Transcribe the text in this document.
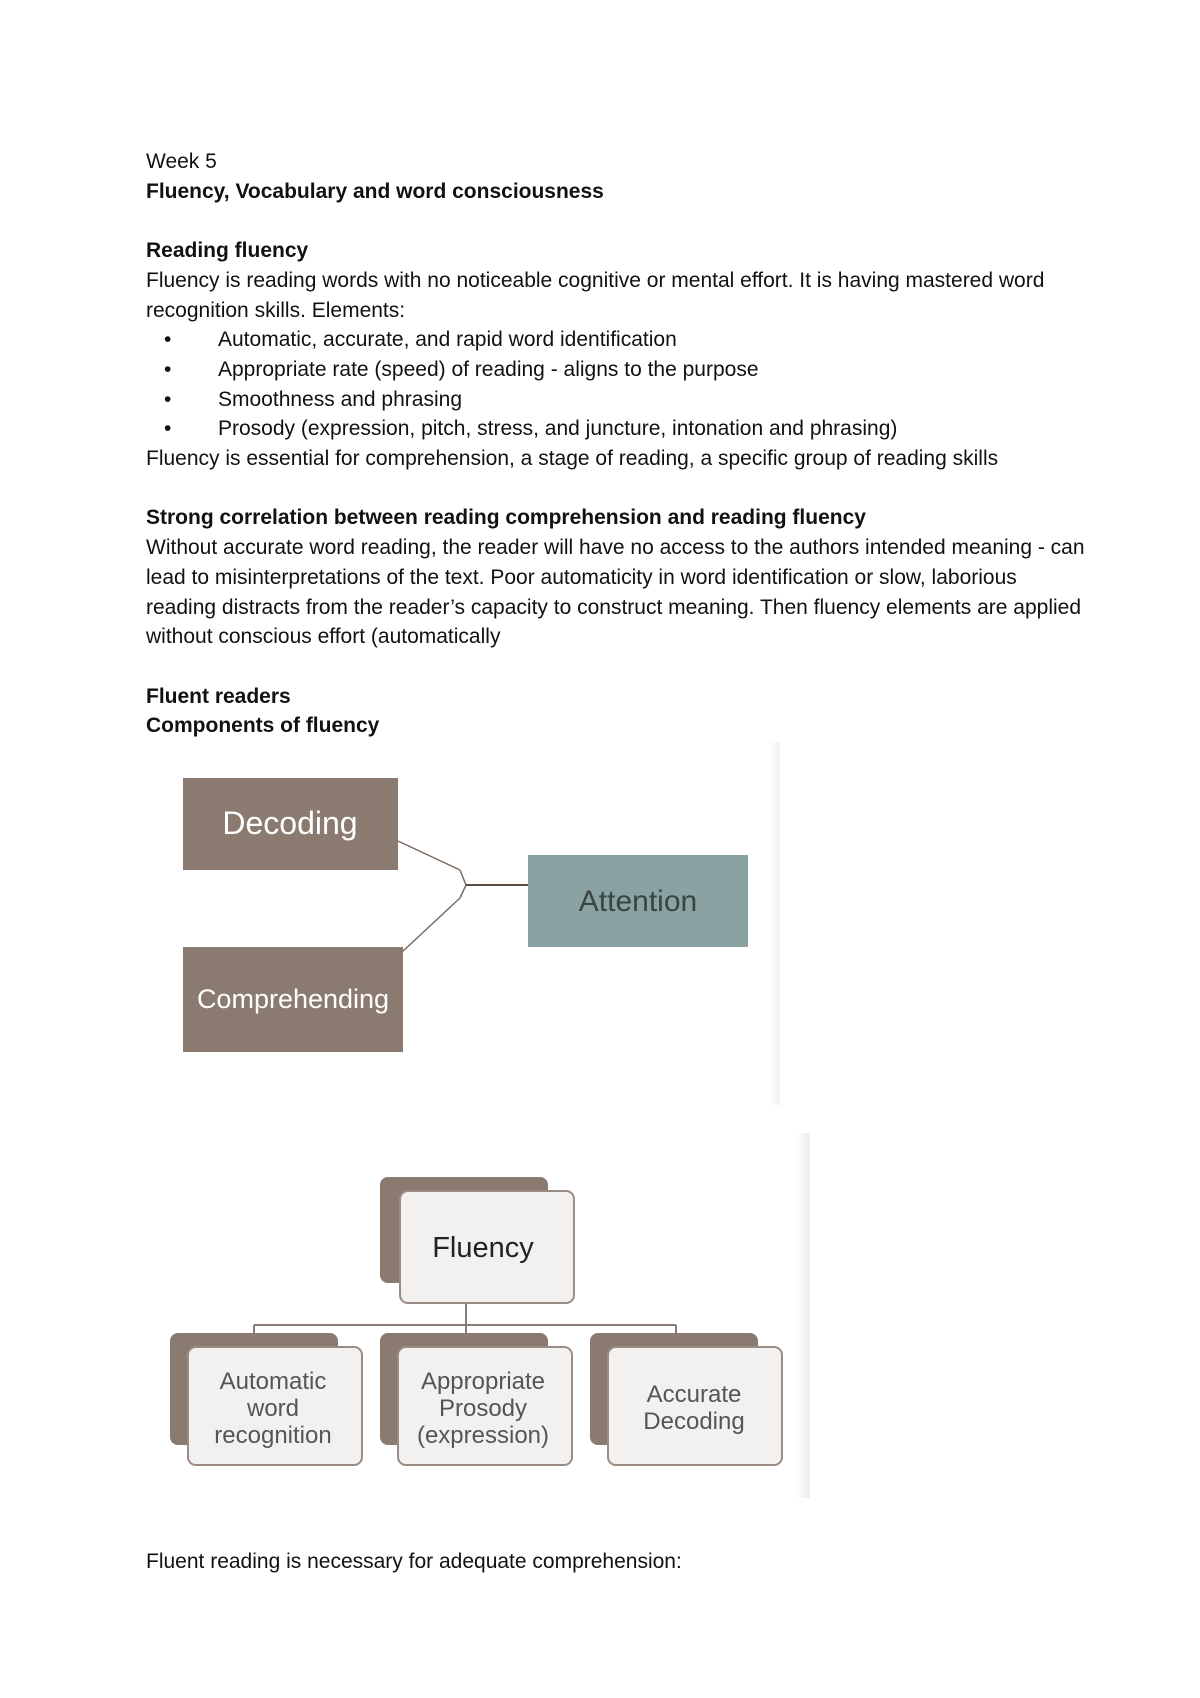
Week 5

Fluency, Vocabulary and word consciousness

Reading fluency

Fluency is reading words with no noticeable cognitive or mental effort. It is having mastered word recognition skills. Elements:

• Automatic, accurate, and rapid word identification
• Appropriate rate (speed) of reading - aligns to the purpose
• Smoothness and phrasing
• Prosody (expression, pitch, stress, and juncture, intonation and phrasing)

Fluency is essential for comprehension, a stage of reading, a specific group of reading skills

Strong correlation between reading comprehension and reading fluency

Without accurate word reading, the reader will have no access to the authors intended meaning - can lead to misinterpretations of the text. Poor automaticity in word identification or slow, laborious reading distracts from the reader’s capacity to construct meaning. Then fluency elements are applied without conscious effort (automatically

Fluent readers

Components of fluency

Decoding
Comprehending
Attention
Fluency
Automatic
word
recognition
Appropriate
Prosody
(expression)
Accurate
Decoding

Fluent reading is necessary for adequate comprehension:
